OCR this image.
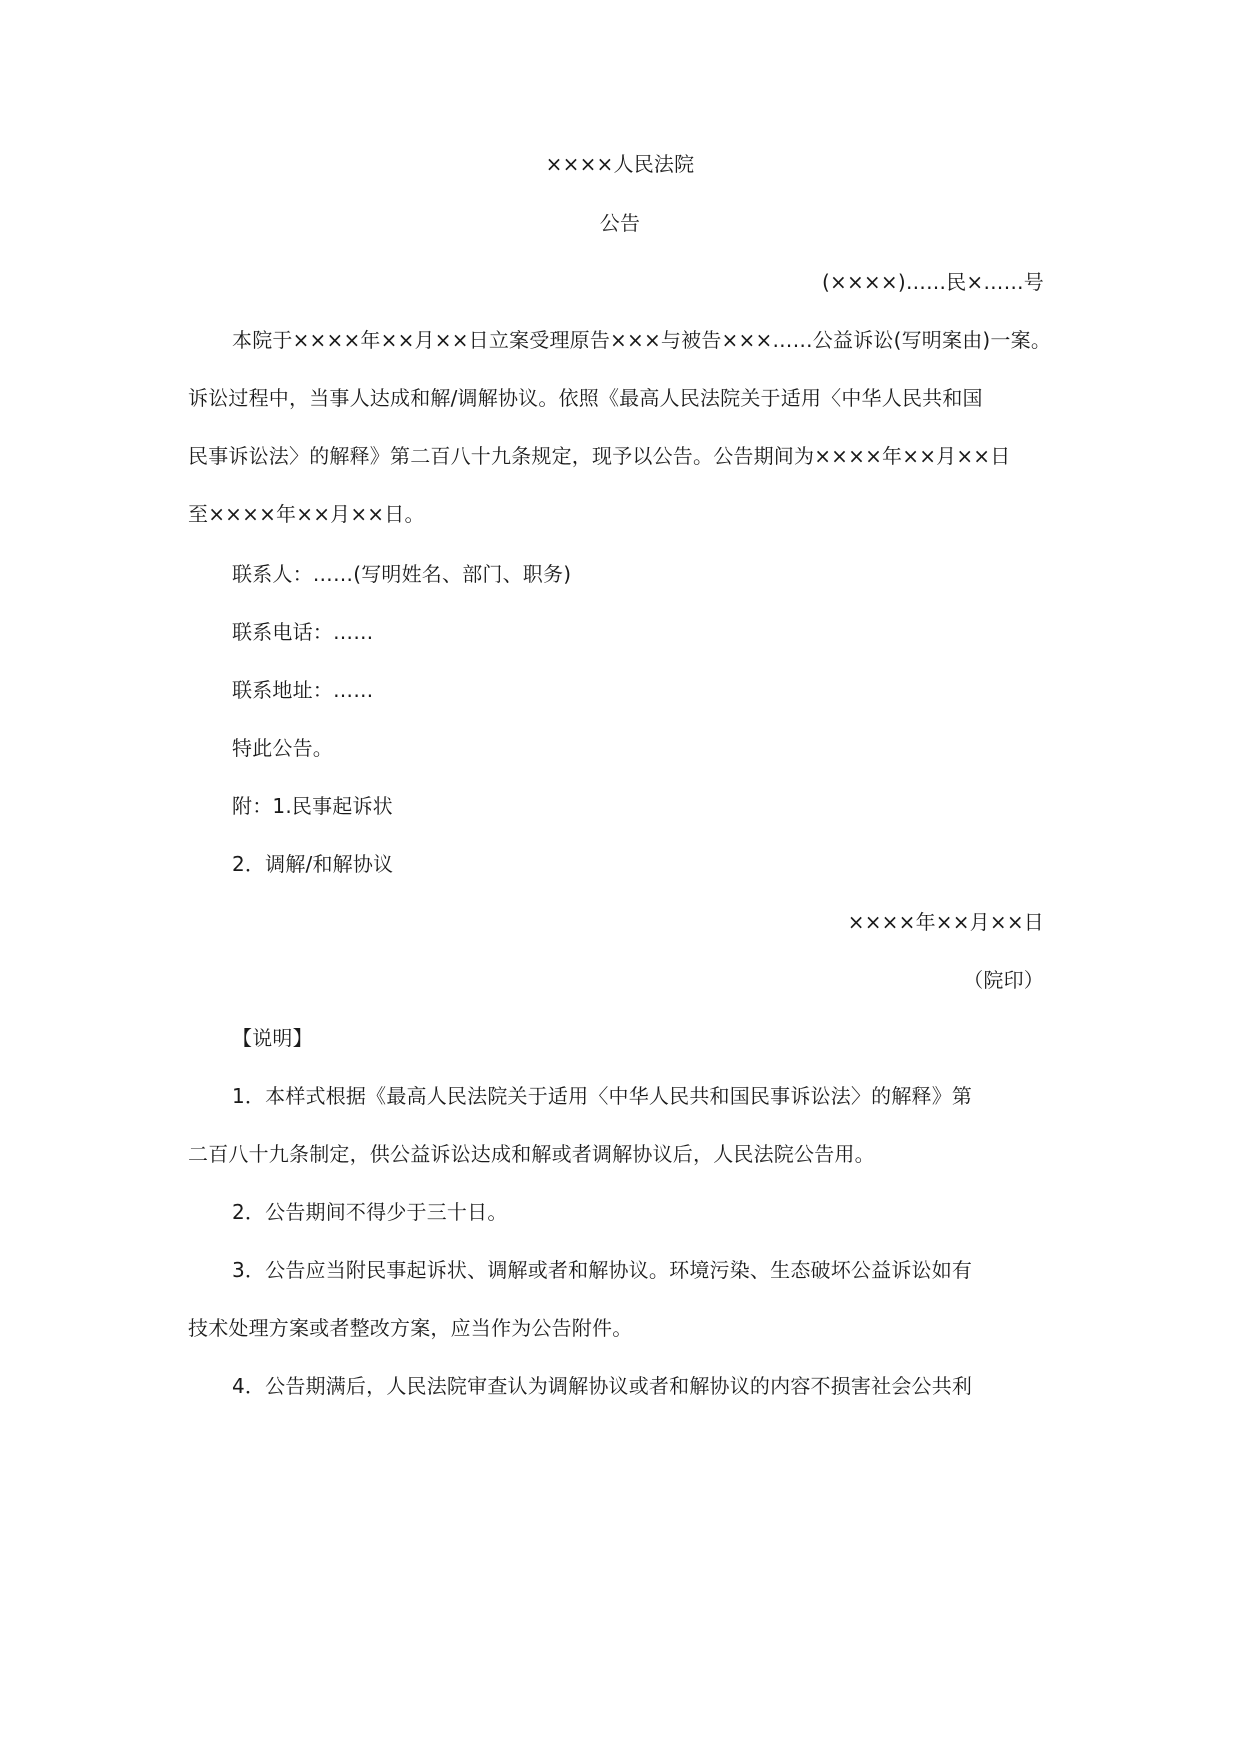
××××人民法院
公告
(××××)……民×……号
本院于××××年××月××日立案受理原告×××与被告×××……公益诉讼(写明案由)一案。
诉讼过程中，当事人达成和解/调解协议。依照《最高人民法院关于适用〈中华人民共和国
民事诉讼法〉的解释》第二百八十九条规定，现予以公告。公告期间为××××年××月××日
至××××年××月××日。
联系人：……(写明姓名、部门、职务)
联系电话：……
联系地址：……
特此公告。
附：1.民事起诉状
2．调解/和解协议
××××年××月××日
（院印）
【说明】
1．本样式根据《最高人民法院关于适用〈中华人民共和国民事诉讼法〉的解释》第
二百八十九条制定，供公益诉讼达成和解或者调解协议后，人民法院公告用。
2．公告期间不得少于三十日。
3．公告应当附民事起诉状、调解或者和解协议。环境污染、生态破坏公益诉讼如有
技术处理方案或者整改方案，应当作为公告附件。
4．公告期满后，人民法院审查认为调解协议或者和解协议的内容不损害社会公共利
